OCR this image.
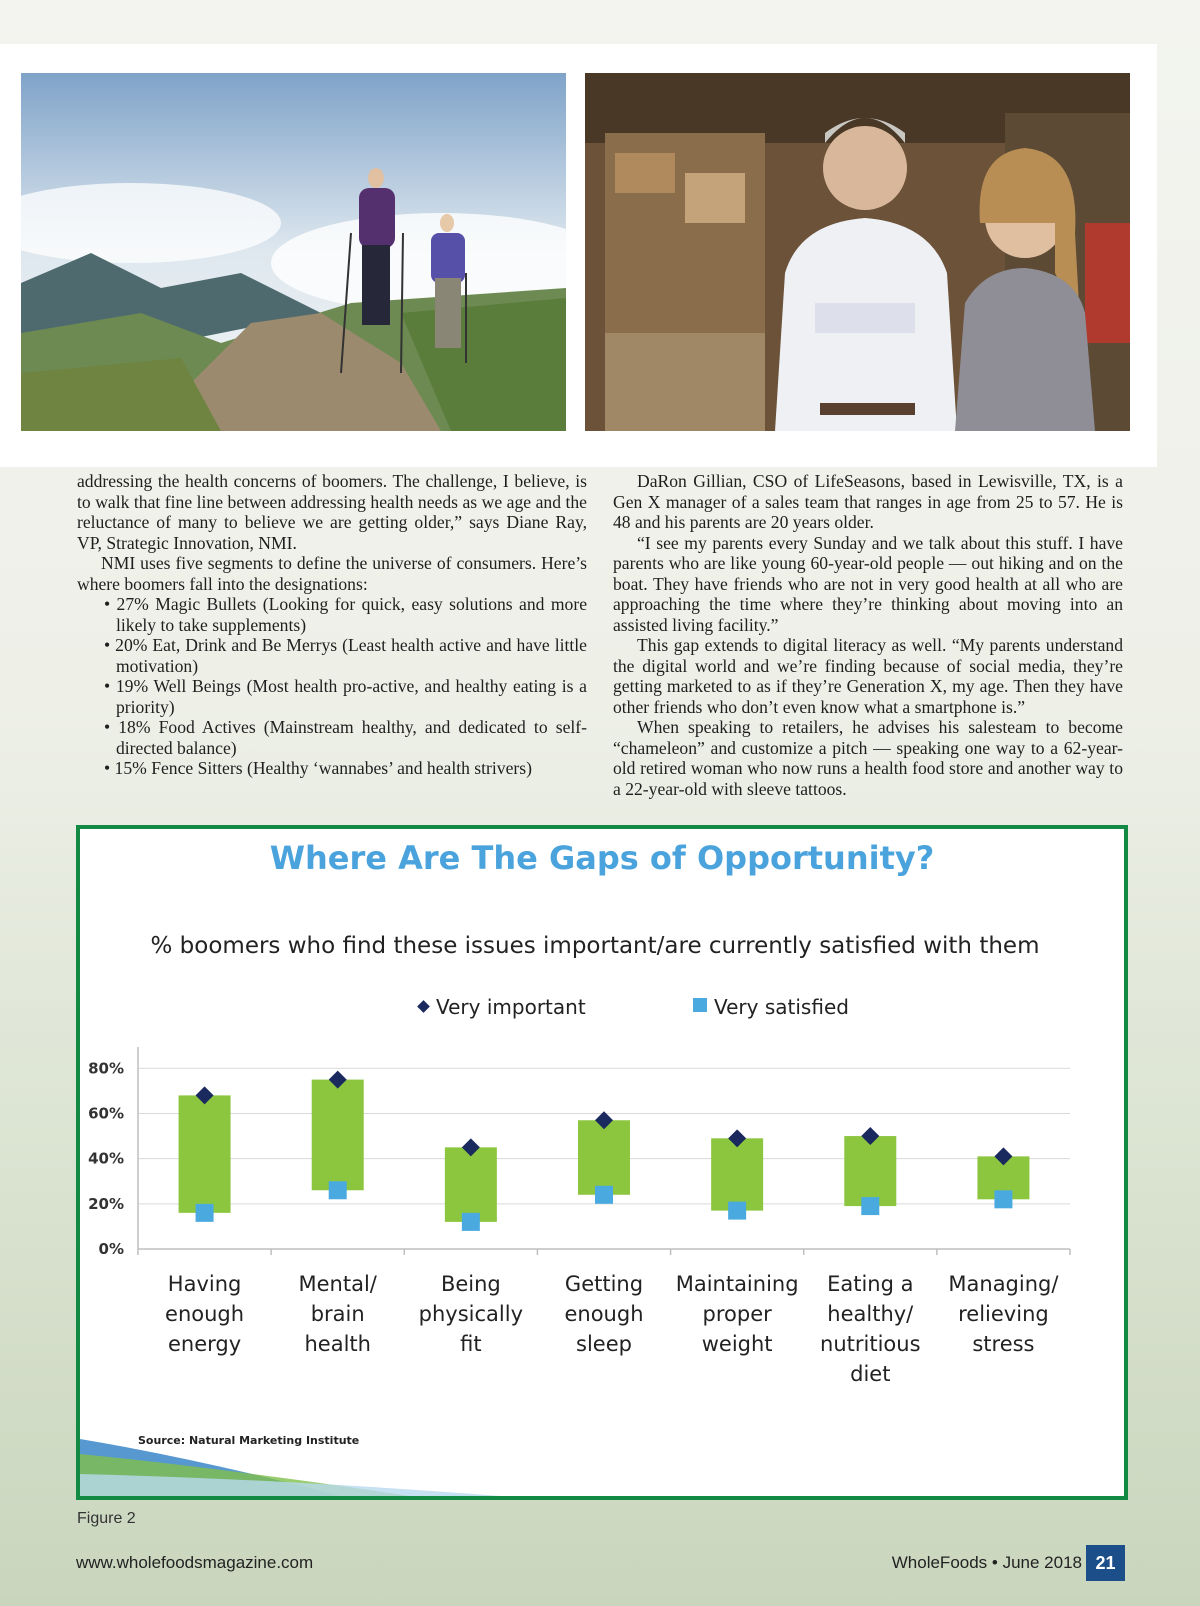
addressing the health concerns of boomers. The challenge, I believe, is to walk that fine line between addressing health needs as we age and the reluctance of many to believe we are getting older,” says Diane Ray, VP, Strategic Innovation, NMI.

NMI uses five segments to define the universe of consumers. Here’s where boomers fall into the designations:

• 27% Magic Bullets (Looking for quick, easy solutions and more likely to take supplements)
• 20% Eat, Drink and Be Merrys (Least health active and have little motivation)
• 19% Well Beings (Most health pro-active, and healthy eating is a priority)
• 18% Food Actives (Mainstream healthy, and dedicated to self-directed balance)
• 15% Fence Sitters (Healthy ‘wannabes’ and health strivers)

DaRon Gillian, CSO of LifeSeasons, based in Lewisville, TX, is a Gen X manager of a sales team that ranges in age from 25 to 57. He is 48 and his parents are 20 years older.

“I see my parents every Sunday and we talk about this stuff. I have parents who are like young 60-year-old people — out hiking and on the boat. They have friends who are not in very good health at all who are approaching the time where they’re thinking about moving into an assisted living facility.”

This gap extends to digital literacy as well. “My parents understand the digital world and we’re finding because of social media, they’re getting marketed to as if they’re Generation X, my age. Then they have other friends who don’t even know what a smartphone is.”

When speaking to retailers, he advises his salesteam to become “chameleon” and customize a pitch — speaking one way to a 62-year-old retired woman who now runs a health food store and another way to a 22-year-old with sleeve tattoos.

Where Are The Gaps of Opportunity?
% boomers who find these issues important/are currently satisfied with them
Very important	Very satisfied
0%
20%
40%
60%
80%
Having enough energy
Mental/ brain health
Being physically fit
Getting enough sleep
Maintaining proper weight
Eating a healthy/ nutritious diet
Managing/ relieving stress
Source: Natural Marketing Institute
Figure 2
www.wholefoodsmagazine.com	WholeFoods • June 2018 21
